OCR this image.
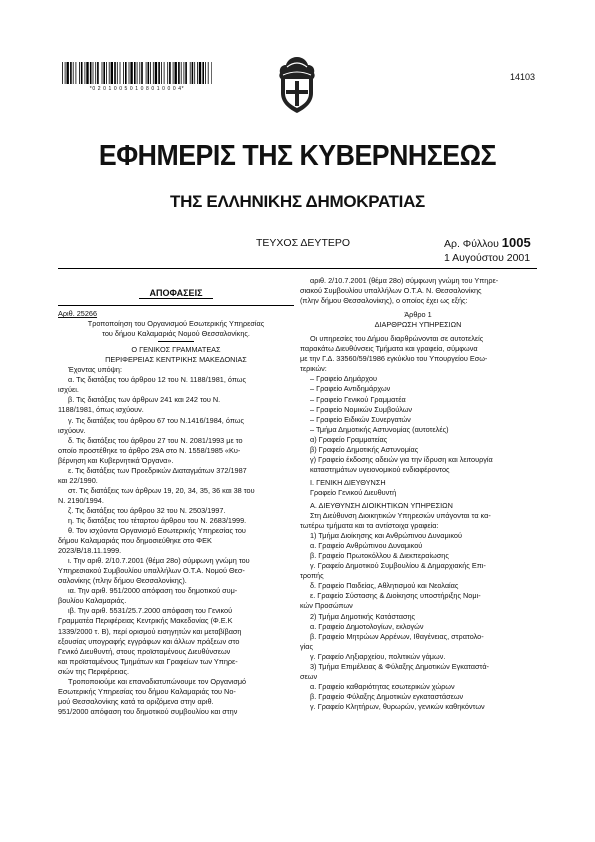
*0 2 0 1 0 0 5 0 1 0 8 0 1 0 0 0 4*
14103
ΕΦΗΜΕΡΙΣ ΤΗΣ ΚΥΒΕΡΝΗΣΕΩΣ
ΤΗΣ ΕΛΛΗΝΙΚΗΣ ΔΗΜΟΚΡΑΤΙΑΣ
ΤΕΥΧΟΣ ΔΕΥΤΕΡΟ	Αρ. Φύλλου 1005
1 Αυγούστου 2001
ΑΠΟΦΑΣΕΙΣ

Αριθ. 25266

Τροποποίηση του Οργανισμού Εσωτερικής Υπηρεσίας

του δήμου Καλαμαριάς Νομού Θεσσαλονίκης.

Ο ΓΕΝΙΚΟΣ ΓΡΑΜΜΑΤΕΑΣ

ΠΕΡΙΦΕΡΕΙΑΣ ΚΕΝΤΡΙΚΗΣ ΜΑΚΕΔΟΝΙΑΣ

Έχοντας υπόψη:

α. Τις διατάξεις του άρθρου 12 του Ν. 1188/1981, όπως

ισχύει.

β. Τις διατάξεις των άρθρων 241 και 242 του Ν.

1188/1981, όπως ισχύουν.

γ. Τις διατάξεις του άρθρου 67 του Ν.1416/1984, όπως

ισχύουν.

δ. Τις διατάξεις του άρθρου 27 του Ν. 2081/1993 με το

οποίο προστέθηκε το άρθρο 29Α στο Ν. 1558/1985 «Κυ-

βέρνηση και Κυβερνητικά Όργανα».

ε. Τις διατάξεις των Προεδρικών Διαταγμάτων 372/1987

και 22/1990.

στ. Τις διατάξεις των άρθρων 19, 20, 34, 35, 36 και 38 του

Ν. 2190/1994.

ζ. Τις διατάξεις του άρθρου 32 του Ν. 2503/1997.

η. Τις διατάξεις του τέταρτου άρθρου του Ν. 2683/1999.

θ. Τον ισχύοντα Οργανισμό Εσωτερικής Υπηρεσίας του

δήμου Καλαμαριάς που δημοσιεύθηκε στο ΦΕΚ

2023/Β/18.11.1999.

ι. Την αριθ. 2/10.7.2001 (θέμα 28ο) σύμφωνη γνώμη του

Υπηρεσιακού Συμβουλίου υπαλλήλων Ο.Τ.Α. Νομού Θεσ-

σαλονίκης (πλην δήμου Θεσσαλονίκης).

ια. Την αριθ. 951/2000 απόφαση του δημοτικού συμ-

βουλίου Καλαμαριάς.

ιβ. Την αριθ. 5531/25.7.2000 απόφαση του Γενικού

Γραμματέα Περιφέρειας Κεντρικής Μακεδονίας (Φ.Ε.Κ

1339/2000 τ. Β), περί ορισμού εισηγητών και μεταβίβαση

εξουσίας υπογραφής εγγράφων και άλλων πράξεων στο

Γενικό Διευθυντή, στους προϊσταμένους Διευθύνσεων

και προϊσταμένους Τμημάτων και Γραφείων των Υπηρε-

σιών της Περιφέρειας.

Τροποποιούμε και επαναδιατυπώνουμε τον Οργανισμό

Εσωτερικής Υπηρεσίας του δήμου Καλαμαριάς του Νο-

μού Θεσσαλονίκης κατά τα οριζόμενα στην αριθ.

951/2000 απόφαση του δημοτικού συμβουλίου και στην

αριθ. 2/10.7.2001 (θέμα 28ο) σύμφωνη γνώμη του Υπηρε-

σιακού Συμβουλίου υπαλλήλων Ο.Τ.Α. Ν. Θεσσαλονίκης

(πλην δήμου Θεσσαλονίκης), ο οποίος έχει ως εξής:

Άρθρο 1

ΔΙΑΡΘΡΩΣΗ ΥΠΗΡΕΣΙΩΝ

Οι υπηρεσίες του Δήμου διαρθρώνονται σε αυτοτελείς

παρακάτω Διευθύνσεις Τμήματα και γραφεία, σύμφωνα

με την Γ.Δ. 33560/59/1986 εγκύκλιο του Υπουργείου Εσω-

τερικών:

– Γραφείο Δημάρχου

– Γραφείο Αντιδημάρχων

– Γραφείο Γενικού Γραμματέα

– Γραφείο Νομικών Συμβούλων

– Γραφείο Ειδικών Συνεργατών

– Τμήμα Δημοτικής Αστυνομίας (αυτοτελές)

α) Γραφείο Γραμματείας

β) Γραφείο Δημοτικής Αστυνομίας

γ) Γραφείο έκδοσης αδειών για την ίδρυση και λειτουργία

καταστημάτων υγειονομικού ενδιαφέροντος

Ι. ΓΕΝΙΚΗ ΔΙΕΥΘΥΝΣΗ

Γραφείο Γενικού Διευθυντή

Α. ΔΙΕΥΘΥΝΣΗ ΔΙΟΙΚΗΤΙΚΩΝ ΥΠΗΡΕΣΙΩΝ

Στη Διεύθυνση Διοικητικών Υπηρεσιών υπάγονται τα κα-

τωτέρω τμήματα και τα αντίστοιχα γραφεία:

1) Τμήμα Διοίκησης και Ανθρώπινου Δυναμικού

α. Γραφείο Ανθρώπινου Δυναμικού

β. Γραφείο Πρωτοκόλλου & Διεκπεραίωσης

γ. Γραφείο Δημοτικού Συμβουλίου & Δημαρχιακής Επι-

τροπής

δ. Γραφείο Παιδείας, Αθλητισμού και Νεολαίας

ε. Γραφείο Σύστασης & Διοίκησης υποστήριξης Νομι-

κών Προσώπων

2) Τμήμα Δημοτικής Κατάστασης

α. Γραφείο Δημοτολογίων, εκλογών

β. Γραφείο Μητρώων Αρρένων, Ιθαγένειας, στρατολο-

γίας

γ. Γραφείο Ληξιαρχείου, πολιτικών γάμων.

3) Τμήμα Επιμέλειας & Φύλαξης Δημοτικών Εγκαταστά-

σεων

α. Γραφείο καθαριότητας εσωτερικών χώρων

β. Γραφείο Φύλαξης Δημοτικών εγκαταστάσεων

γ. Γραφείο Κλητήρων, θυρωρών, γενικών καθηκόντων
